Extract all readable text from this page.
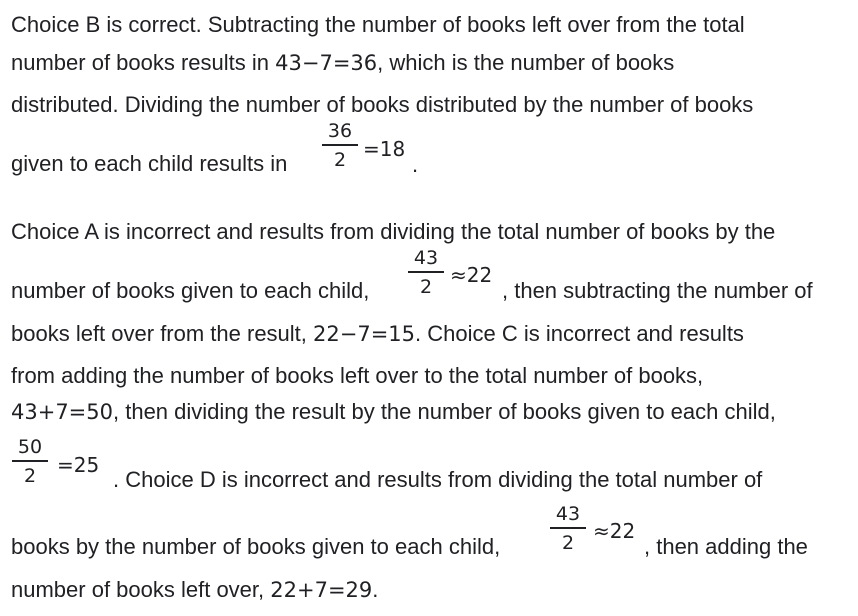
Choice B is correct. Subtracting the number of books left over from the total
number of books results in 43−7=36, which is the number of books
distributed. Dividing the number of books distributed by the number of books
given to each child results in
36
2 =18
.
Choice A is incorrect and results from dividing the total number of books by the
number of books given to each child,
43
2 ≈22
, then subtracting the number of
books left over from the result, 22−7=15. Choice C is incorrect and results
from adding the number of books left over to the total number of books,
43+7=50, then dividing the result by the number of books given to each child,
50
2	=25
. Choice D is incorrect and results from dividing the total number of
books by the number of books given to each child,
43
2 ≈22
, then adding the
number of books left over, 22+7=29.
